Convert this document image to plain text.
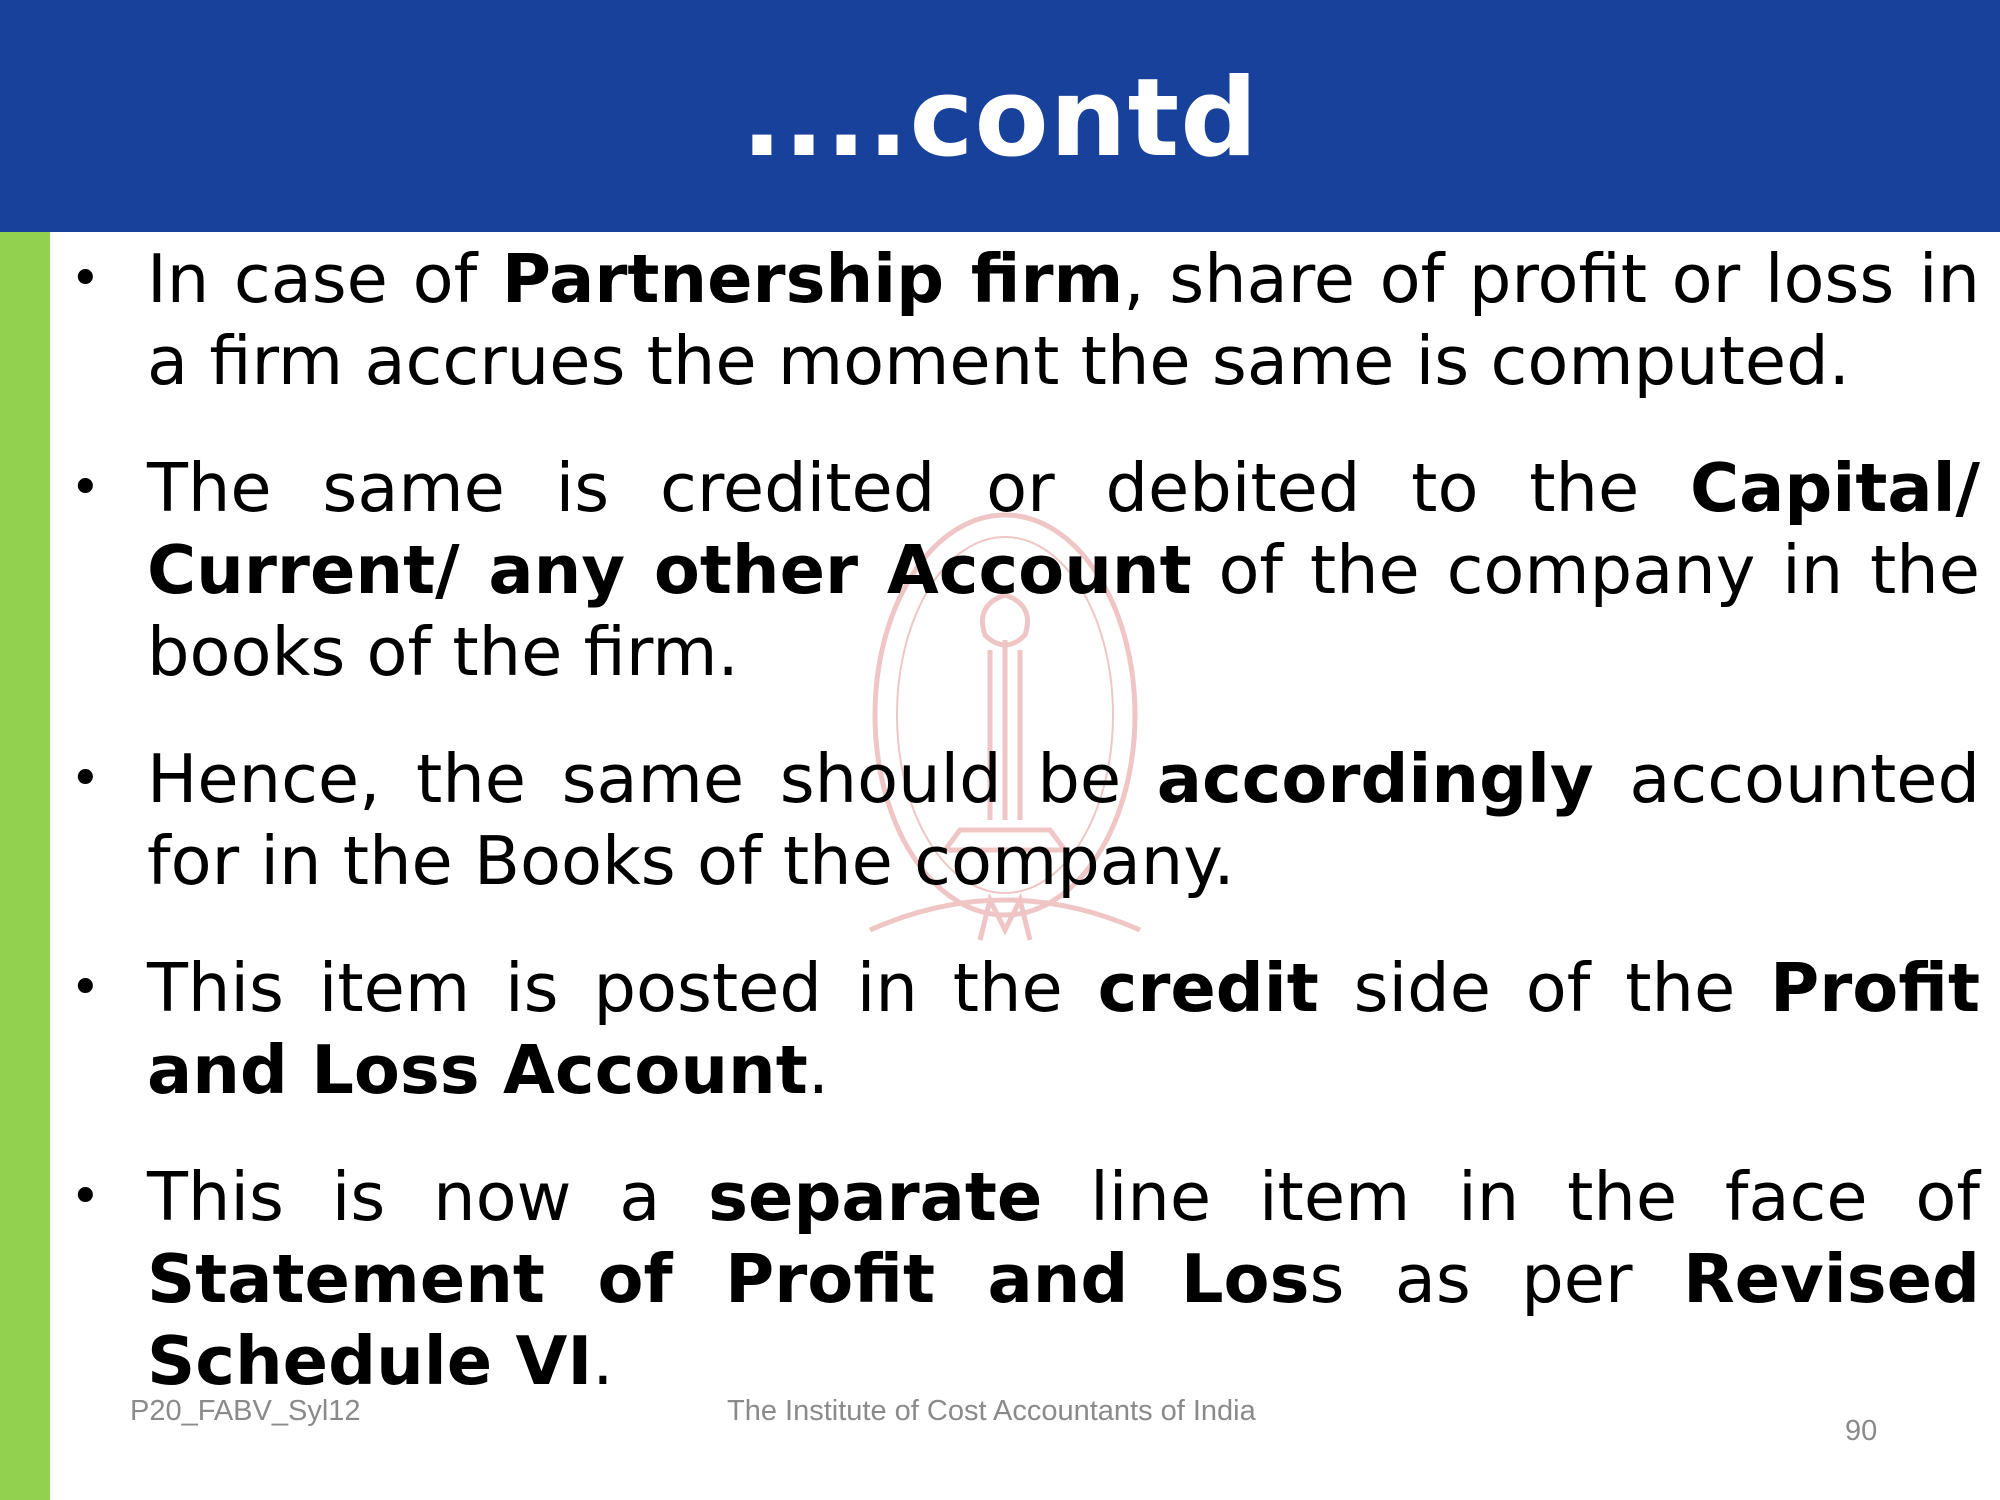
....contd
• In case of Partnership firm, share of profit or loss in a firm accrues the moment the same is computed.
• The same is credited or debited to the Capital/ Current/ any other Account of the company in the books of the firm.
• Hence, the same should be accordingly accounted for in the Books of the company.
• This item is posted in the credit side of the Profit and Loss Account.
• This is now a separate line item in the face of Statement of Profit and Loss as per Revised Schedule VI.
P20_FABV_Syl12	The Institute of Cost Accountants of India
90
